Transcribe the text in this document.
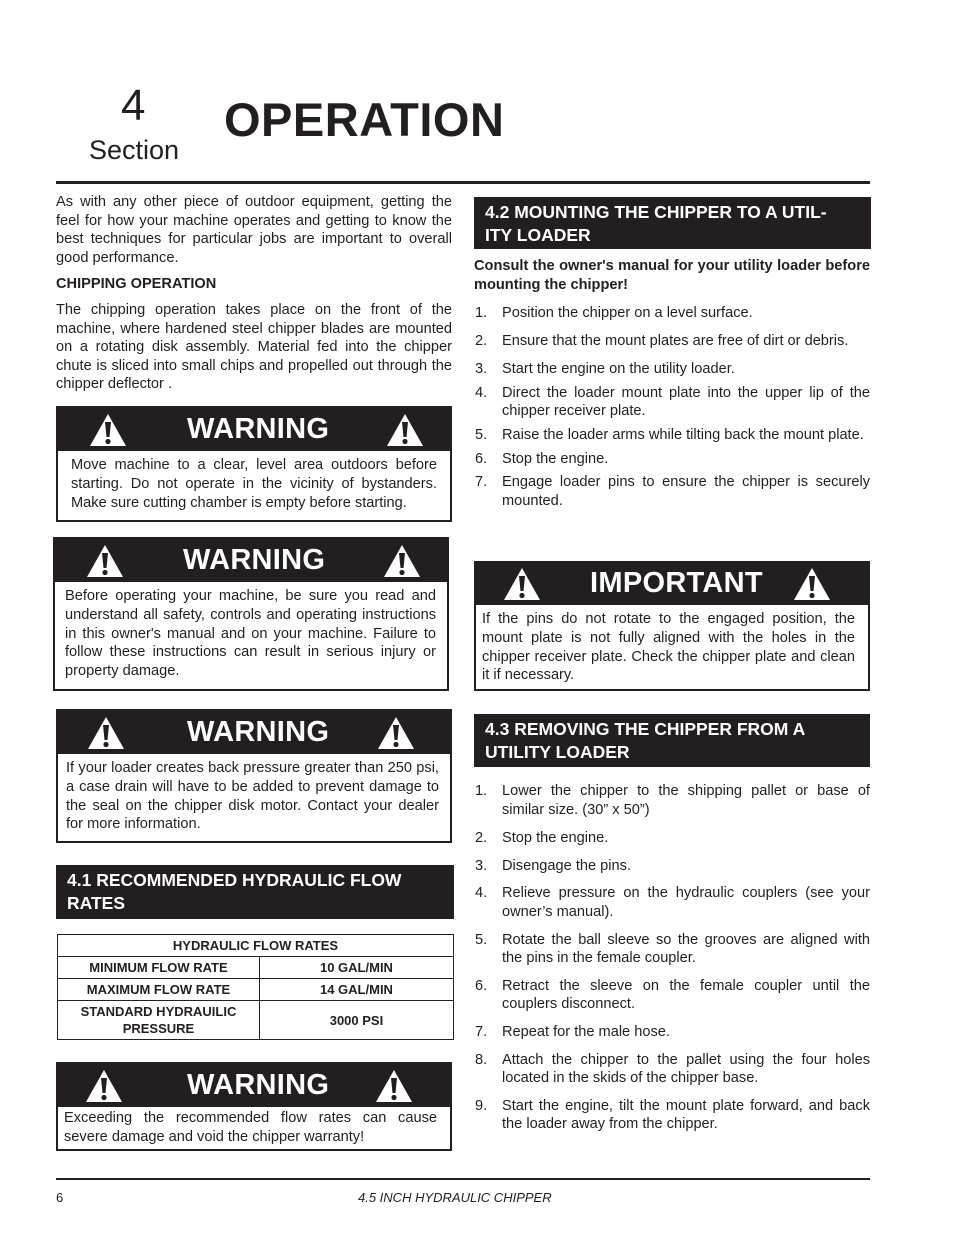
4
Section
OPERATION

As with any other piece of outdoor equipment, getting the feel for how your machine operates and getting to know the best techniques for particular jobs are important to overall good performance.

CHIPPING OPERATION

The chipping operation takes place on the front of the machine, where hardened steel chipper blades are mounted on a rotating disk assembly. Material fed into the chipper chute is sliced into small chips and propelled out through the chipper deflector .

WARNING
Move machine to a clear, level area outdoors before starting. Do not operate in the vicinity of bystanders. Make sure cutting chamber is empty before starting.
WARNING
Before operating your machine, be sure you read and understand all safety, controls and operating instructions in this owner's manual and on your machine. Failure to follow these instructions can result in serious injury or property damage.
WARNING
If your loader creates back pressure greater than 250 psi, a case drain will have to be added to prevent damage to the seal on the chipper disk motor. Contact your dealer for more information.
4.1 RECOMMENDED HYDRAULIC FLOW
RATES
HYDRAULIC FLOW RATES	
MINIMUM FLOW RATE	10 GAL/MIN
MAXIMUM FLOW RATE	14 GAL/MIN
STANDARD HYDRAUILIC PRESSURE	3000 PSI
WARNING
Exceeding the recommended flow rates can cause severe damage and void the chipper warranty!
4.2 MOUNTING THE CHIPPER TO A UTIL-
ITY LOADER

Consult the owner's manual for your utility loader before mounting the chipper!

1. Position the chipper on a level surface.
2. Ensure that the mount plates are free of dirt or debris.
3. Start the engine on the utility loader.
4. Direct the loader mount plate into the upper lip of the chipper receiver plate.
5. Raise the loader arms while tilting back the mount plate.
6. Stop the engine.
7. Engage loader pins to ensure the chipper is securely mounted.
IMPORTANT
If the pins do not rotate to the engaged position, the mount plate is not fully aligned with the holes in the chipper receiver plate. Check the chipper plate and clean it if necessary.
4.3 REMOVING THE CHIPPER FROM A
UTILITY LOADER
1. Lower the chipper to the shipping pallet or base of similar size. (30” x 50”)
2. Stop the engine.
3. Disengage the pins.
4. Relieve pressure on the hydraulic couplers (see your owner’s manual).
5. Rotate the ball sleeve so the grooves are aligned with the pins in the female coupler.
6. Retract the sleeve on the female coupler until the couplers disconnect.
7. Repeat for the male hose.
8. Attach the chipper to the pallet using the four holes located in the skids of the chipper base.
9. Start the engine, tilt the mount plate forward, and back the loader away from the chipper.
6	4.5 INCH HYDRAULIC CHIPPER
